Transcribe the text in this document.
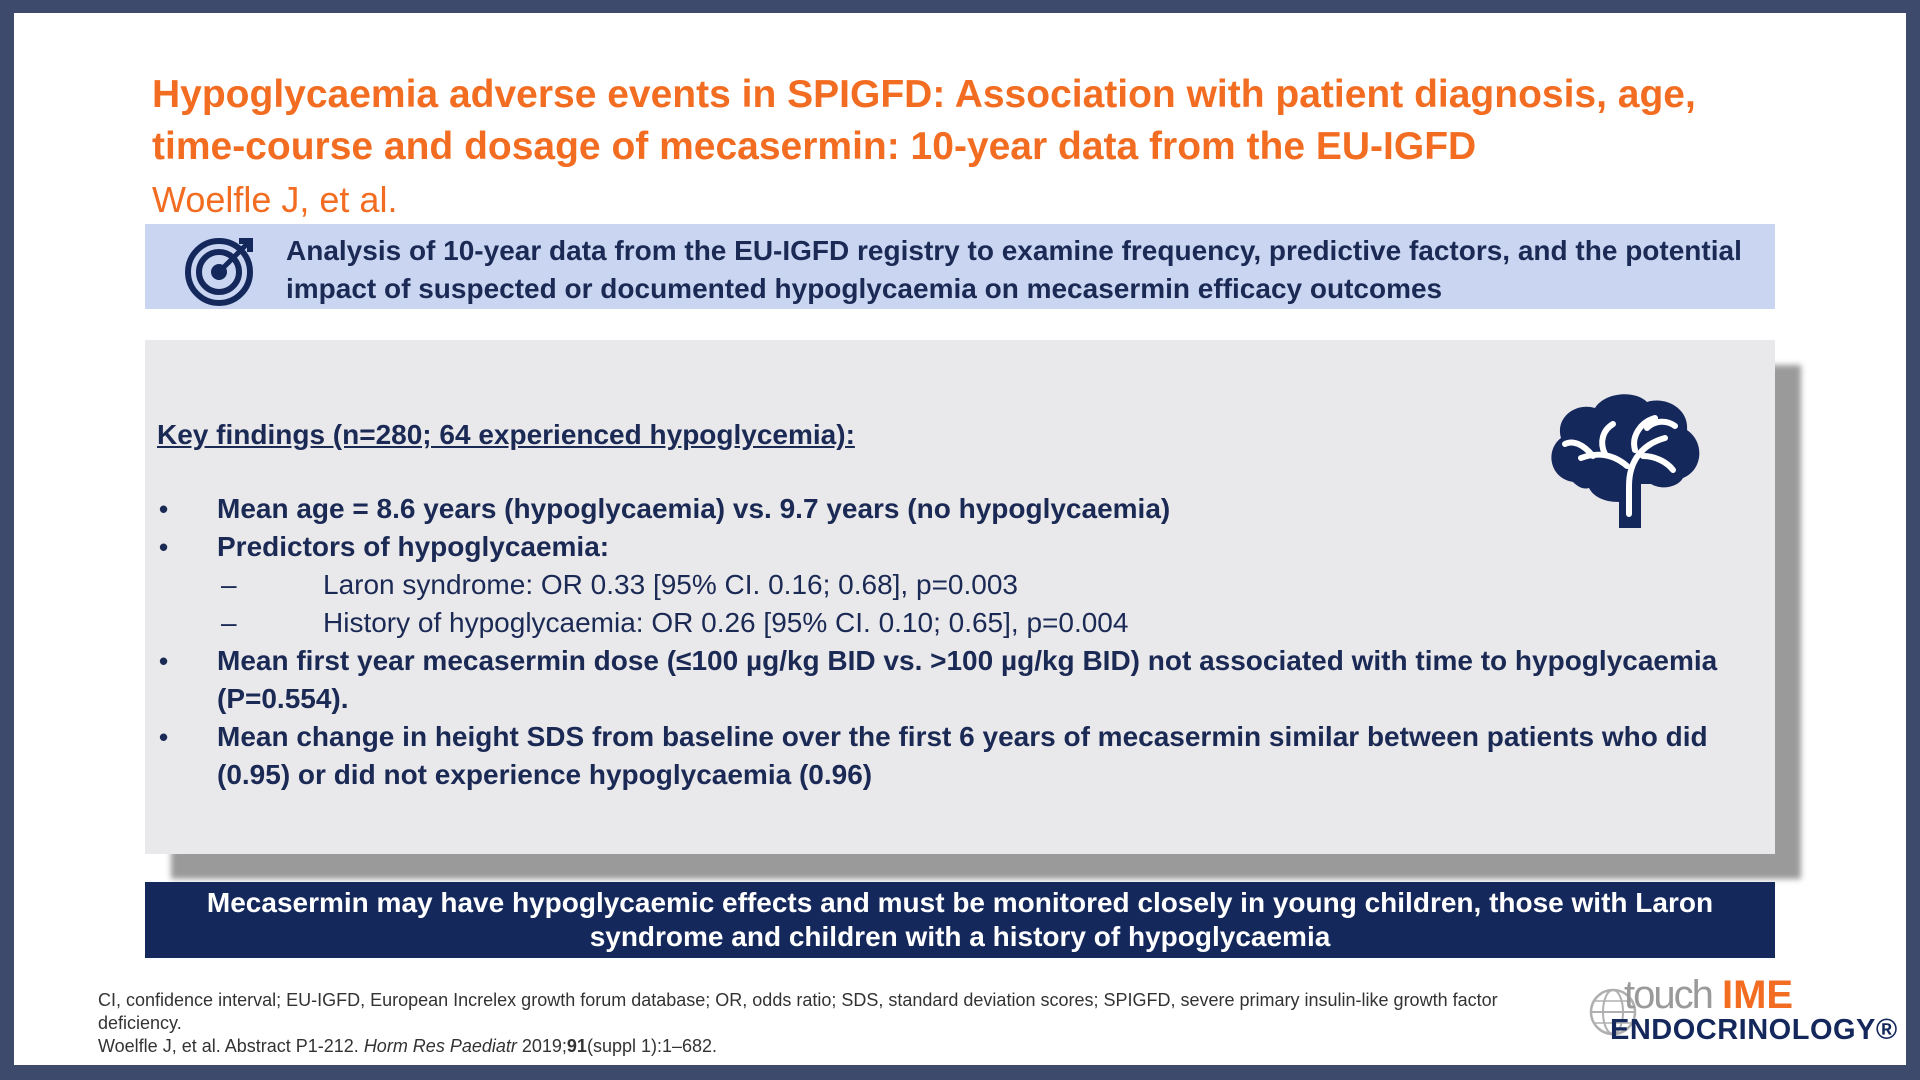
Hypoglycaemia adverse events in SPIGFD: Association with patient diagnosis, age, time-course and dosage of mecasermin: 10-year data from the EU-IGFD
Woelfle J, et al.
Analysis of 10-year data from the EU-IGFD registry to examine frequency, predictive factors, and the potential impact of suspected or documented hypoglycaemia on mecasermin efficacy outcomes
Key findings (n=280; 64 experienced hypoglycemia):
• Mean age = 8.6 years (hypoglycaemia) vs. 9.7 years (no hypoglycaemia)
• Predictors of hypoglycaemia:
–	Laron syndrome: OR 0.33 [95% CI. 0.16; 0.68], p=0.003
–	History of hypoglycaemia: OR 0.26 [95% CI. 0.10; 0.65], p=0.004
• Mean first year mecasermin dose (≤100 µg/kg BID vs. >100 µg/kg BID) not associated with time to hypoglycaemia (P=0.554).
• Mean change in height SDS from baseline over the first 6 years of mecasermin similar between patients who did (0.95) or did not experience hypoglycaemia (0.96)
Mecasermin may have hypoglycaemic effects and must be monitored closely in young children, those with Laron syndrome and children with a history of hypoglycaemia
CI, confidence interval; EU-IGFD, European Increlex growth forum database; OR, odds ratio; SDS, standard deviation scores; SPIGFD, severe primary insulin-like growth factor deficiency.
Woelfle J, et al. Abstract P1-212. Horm Res Paediatr 2019;91(suppl 1):1–682.
touch IME
ENDOCRINOLOGY®
